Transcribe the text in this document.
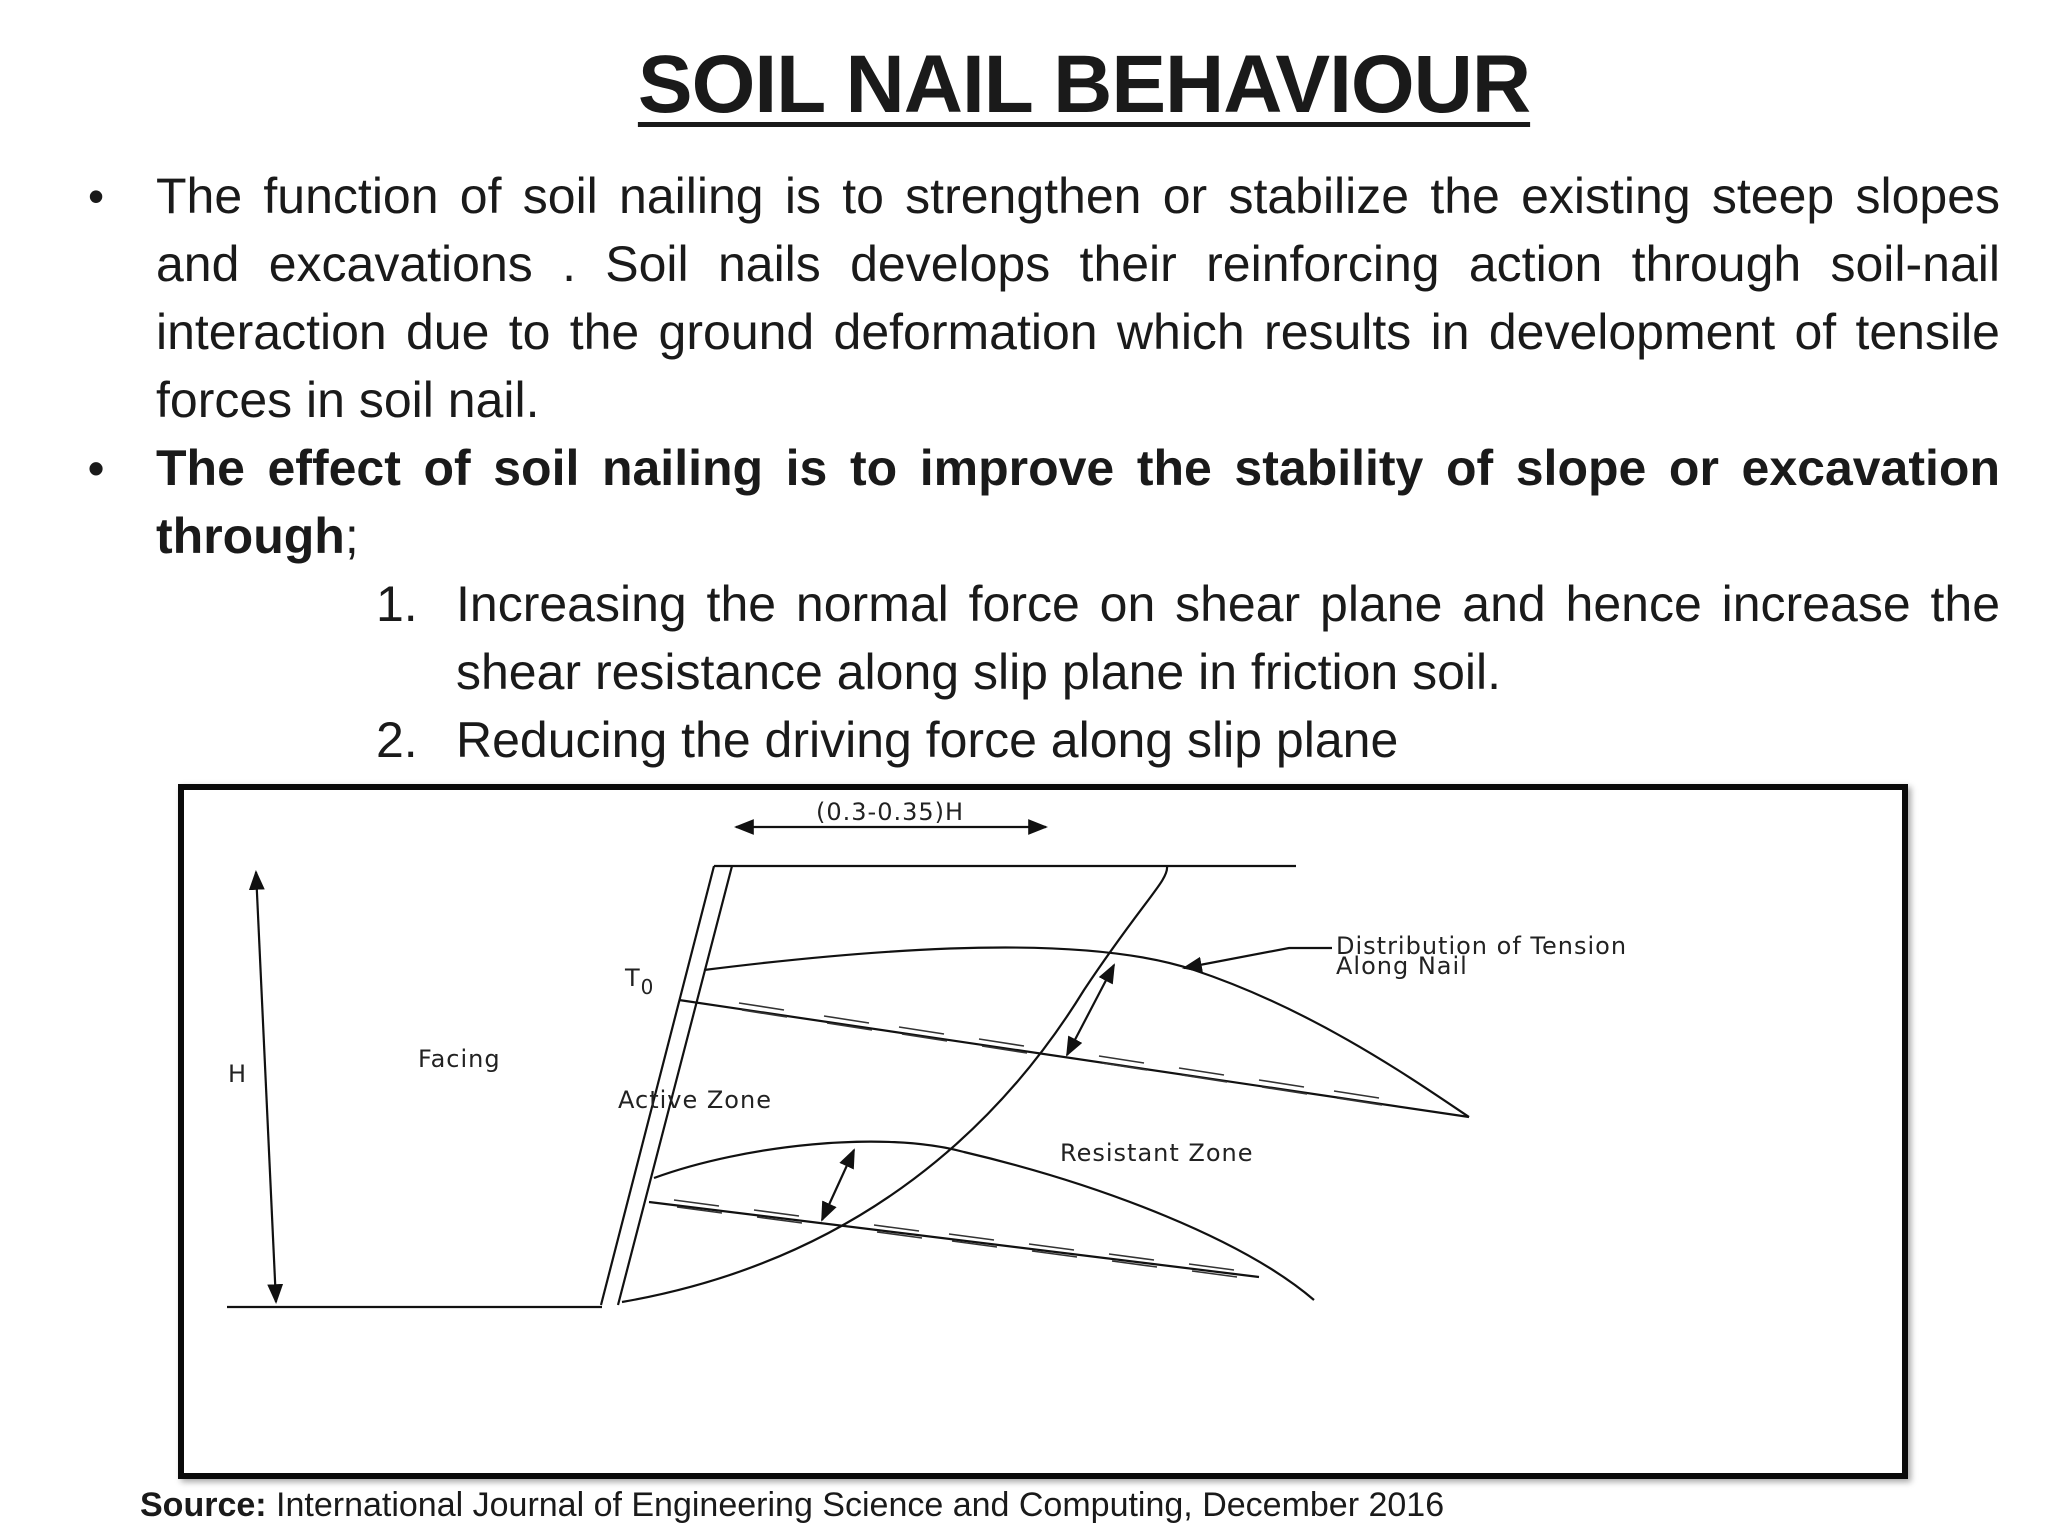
SOIL NAIL BEHAVIOUR
• The function of soil nailing is to strengthen or stabilize the existing steep slopes and excavations . Soil nails develops their reinforcing action through soil-nail interaction due to the ground deformation which results in development of tensile forces in soil nail.
• The effect of soil nailing is to improve the stability of slope or excavation through;
1. Increasing the normal force on shear plane and hence increase the shear resistance along slip plane in friction soil.
2. Reducing the driving force along slip plane
(0.3-0.35)H
H
$T_0$
Facing
Active Zone
Resistant Zone
Distribution of Tension
Along Nail

Source: International Journal of Engineering Science and Computing, December 2016
